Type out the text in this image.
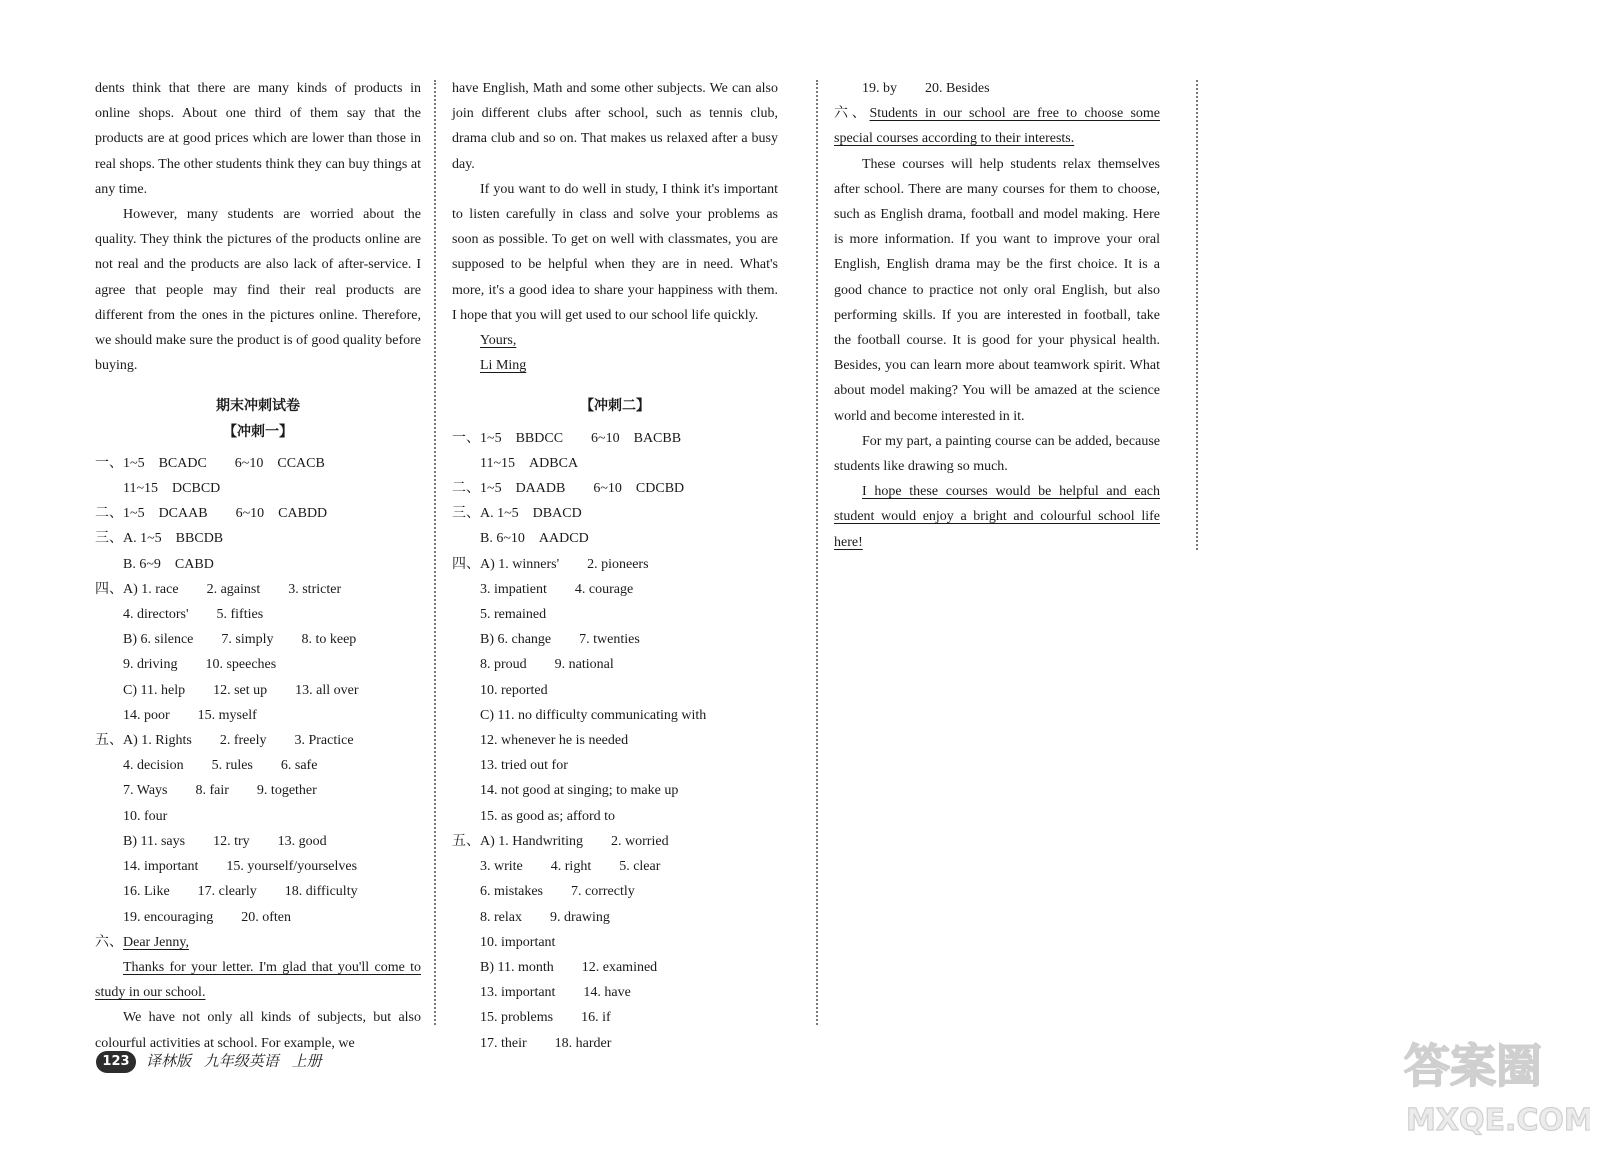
dents think that there are many kinds of products in online shops. About one third of them say that the products are at good prices which are lower than those in real shops. The other students think they can buy things at any time.
However, many students are worried about the quality. They think the pictures of the products online are not real and the products are also lack of after-service. I agree that people may find their real products are different from the ones in the pictures online. Therefore, we should make sure the product is of good quality before buying.
期末冲刺试卷
【冲刺一】
一、1~5　BCADC　　6~10　CCACB
11~15　DCBCD
二、1~5　DCAAB　　6~10　CABDD
三、A. 1~5　BBCDB
B. 6~9　CABD
四、A) 1. race　　2. against　　3. stricter
4. directors'　　5. fifties
B) 6. silence　　7. simply　　8. to keep
9. driving　　10. speeches
C) 11. help　　12. set up　　13. all over
14. poor　　15. myself
五、A) 1. Rights　　2. freely　　3. Practice
4. decision　　5. rules　　6. safe
7. Ways　　8. fair　　9. together
10. four
B) 11. says　　12. try　　13. good
14. important　　15. yourself/yourselves
16. Like　　17. clearly　　18. difficulty
19. encouraging　　20. often
六、Dear Jenny,
Thanks for your letter. I'm glad that you'll come to study in our school.
We have not only all kinds of subjects, but also colourful activities at school. For example, we
have English, Math and some other subjects. We can also join different clubs after school, such as tennis club, drama club and so on. That makes us relaxed after a busy day.
If you want to do well in study, I think it's important to listen carefully in class and solve your problems as soon as possible. To get on well with classmates, you are supposed to be helpful when they are in need. What's more, it's a good idea to share your happiness with them. I hope that you will get used to our school life quickly.
Yours,
Li Ming
【冲刺二】
一、1~5　BBDCC　　6~10　BACBB
11~15　ADBCA
二、1~5　DAADB　　6~10　CDCBD
三、A. 1~5　DBACD
B. 6~10　AADCD
四、A) 1. winners'　　2. pioneers
3. impatient　　4. courage
5. remained
B) 6. change　　7. twenties
8. proud　　9. national
10. reported
C) 11. no difficulty communicating with
12. whenever he is needed
13. tried out for
14. not good at singing; to make up
15. as good as; afford to
五、A) 1. Handwriting　　2. worried
3. write　　4. right　　5. clear
6. mistakes　　7. correctly
8. relax　　9. drawing
10. important
B) 11. month　　12. examined
13. important　　14. have
15. problems　　16. if
17. their　　18. harder
19. by　　20. Besides
六、Students in our school are free to choose some special courses according to their interests.
These courses will help students relax themselves after school. There are many courses for them to choose, such as English drama, football and model making. Here is more information. If you want to improve your oral English, English drama may be the first choice. It is a good chance to practice not only oral English, but also performing skills. If you are interested in football, take the football course. It is good for your physical health. Besides, you can learn more about teamwork spirit. What about model making? You will be amazed at the science world and become interested in it.
For my part, a painting course can be added, because students like drawing so much.
I hope these courses would be helpful and each student would enjoy a bright and colourful school life here!
123	译林版 九年级英语 上册	答案圈
MXQE.COM
